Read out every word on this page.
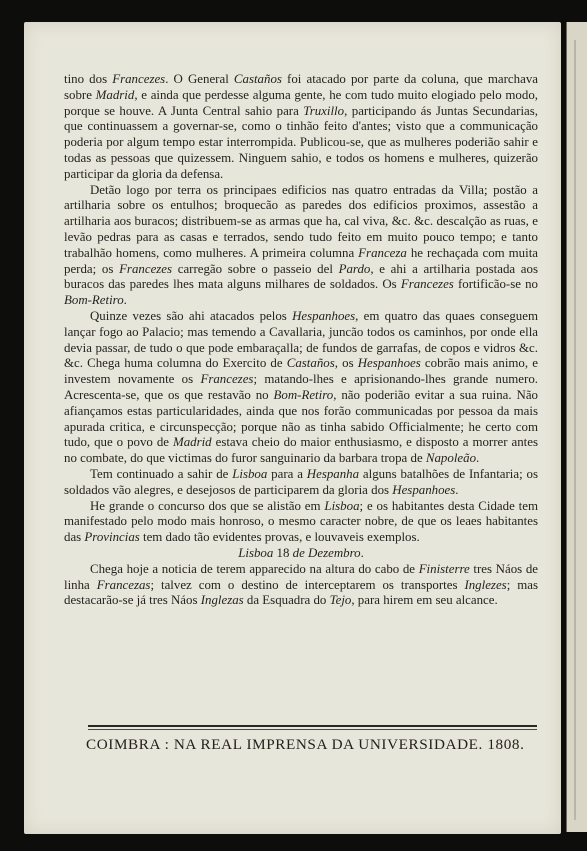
tino dos Francezes. O General Castaños foi atacado por parte da coluna, que marchava sobre Madrid, e ainda que perdesse alguma gente, he com tudo muito elogiado pelo modo, porque se houve. A Junta Central sahio para Truxillo, participando ás Juntas Secundarias, que continuassem a governar-se, como o tinhão feito d'antes; visto que a communicação poderia por algum tempo estar interrompida. Publicou-se, que as mulheres poderião sahir e todas as pessoas que quizessem. Ninguem sahio, e todos os homens e mulheres, quizerão participar da gloria da defensa.

Detão logo por terra os principaes edificios nas quatro entradas da Villa; postão a artilharia sobre os entulhos; broquecão as paredes dos edificios proximos, assestão a artilharia aos buracos; distribuem-se as armas que ha, cal viva, &c. &c. descalção as ruas, e levão pedras para as casas e terrados, sendo tudo feito em muito pouco tempo; e tanto trabalhão homens, como mulheres. A primeira columna Franceza he rechaçada com muita perda; os Francezes carregão sobre o passeio del Pardo, e ahi a artilharia postada aos buracos das paredes lhes mata alguns milhares de soldados. Os Francezes fortificão-se no Bom-Retiro.

Quinze vezes são ahi atacados pelos Hespanhoes, em quatro das quaes conseguem lançar fogo ao Palacio; mas temendo a Cavallaria, juncão todos os caminhos, por onde ella devia passar, de tudo o que pode embaraçalla; de fundos de garrafas, de copos e vidros &c. &c. Chega huma columna do Exercito de Castaños, os Hespanhoes cobrão mais animo, e investem novamente os Francezes; matando-lhes e aprisionando-lhes grande numero. Acrescenta-se, que os que restavão no Bom-Retiro, não poderião evitar a sua ruina. Não afiançamos estas particularidades, ainda que nos forão communicadas por pessoa da mais apurada critica, e circunspecção; porque não as tinha sabido Officialmente; he certo com tudo, que o povo de Madrid estava cheio do maior enthusiasmo, e disposto a morrer antes no combate, do que victimas do furor sanguinario da barbara tropa de Napoleão.

Tem continuado a sahir de Lisboa para a Hespanha alguns batalhões de Infantaria; os soldados vão alegres, e desejosos de participarem da gloria dos Hespanhoes.

He grande o concurso dos que se alistão em Lisboa; e os habitantes desta Cidade tem manifestado pelo modo mais honroso, o mesmo caracter nobre, de que os leaes habitantes das Provincias tem dado tão evidentes provas, e louvaveis exemplos.

Lisboa 18 de Dezembro.

Chega hoje a noticia de terem apparecido na altura do cabo de Finisterre tres Náos de linha Francezas; talvez com o destino de interceptarem os transportes Inglezes; mas destacarão-se já tres Náos Inglezas da Esquadra do Tejo, para hirem em seu alcance.

COIMBRA : NA REAL IMPRENSA DA UNIVERSIDADE. 1808.
